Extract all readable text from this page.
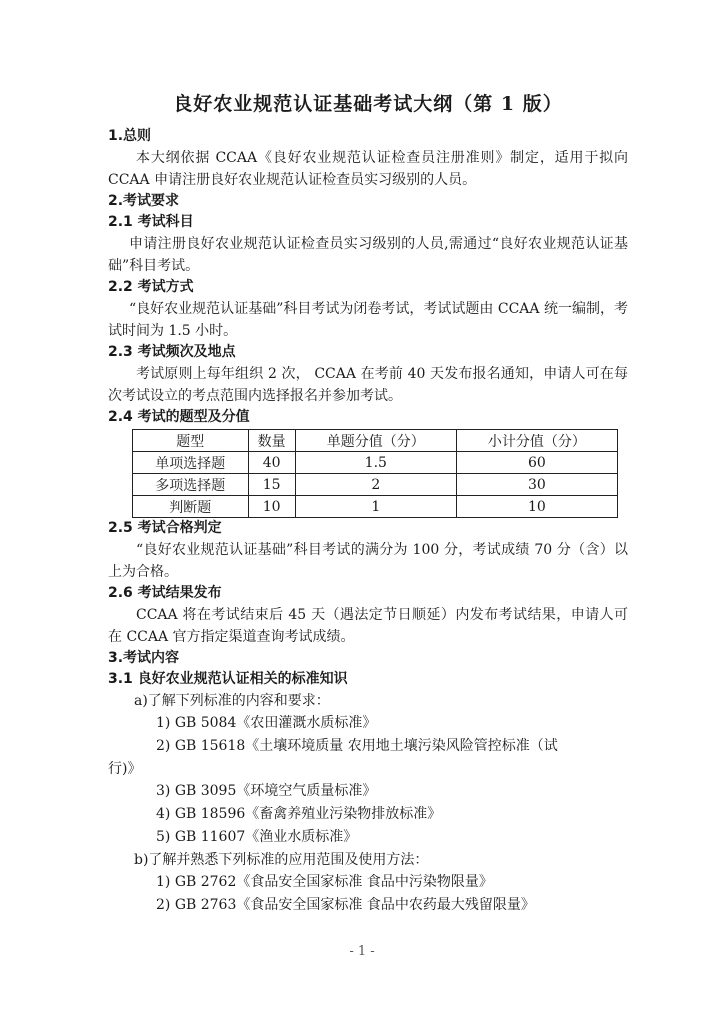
良好农业规范认证基础考试大纲（第 1 版）
1.总则
本大纲依据 CCAA《良好农业规范认证检查员注册准则》制定，适用于拟向 CCAA 申请注册良好农业规范认证检查员实习级别的人员。
2.考试要求
2.1 考试科目
申请注册良好农业规范认证检查员实习级别的人员,需通过“良好农业规范认证基础”科目考试。
2.2 考试方式
“良好农业规范认证基础”科目考试为闭卷考试，考试试题由 CCAA 统一编制，考试时间为 1.5 小时。
2.3 考试频次及地点
考试原则上每年组织 2 次， CCAA 在考前 40 天发布报名通知，申请人可在每次考试设立的考点范围内选择报名并参加考试。
2.4 考试的题型及分值
题型	数量	单题分值（分）	小计分值（分）
单项选择题	40	1.5	60
多项选择题	15	2	30
判断题	10	1	10
2.5 考试合格判定
“良好农业规范认证基础”科目考试的满分为 100 分，考试成绩 70 分（含）以上为合格。
2.6 考试结果发布
CCAA 将在考试结束后 45 天（遇法定节日顺延）内发布考试结果，申请人可在 CCAA 官方指定渠道查询考试成绩。
3.考试内容
3.1 良好农业规范认证相关的标准知识
a)了解下列标准的内容和要求：
1) GB 5084《农田灌溉水质标准》
2) GB 15618《土壤环境质量 农用地土壤污染风险管控标准（试
行)》
3) GB 3095《环境空气质量标准》
4) GB 18596《畜禽养殖业污染物排放标准》
5) GB 11607《渔业水质标准》
b)了解并熟悉下列标准的应用范围及使用方法：
1) GB 2762《食品安全国家标准 食品中污染物限量》
2) GB 2763《食品安全国家标准 食品中农药最大残留限量》
- 1 -
